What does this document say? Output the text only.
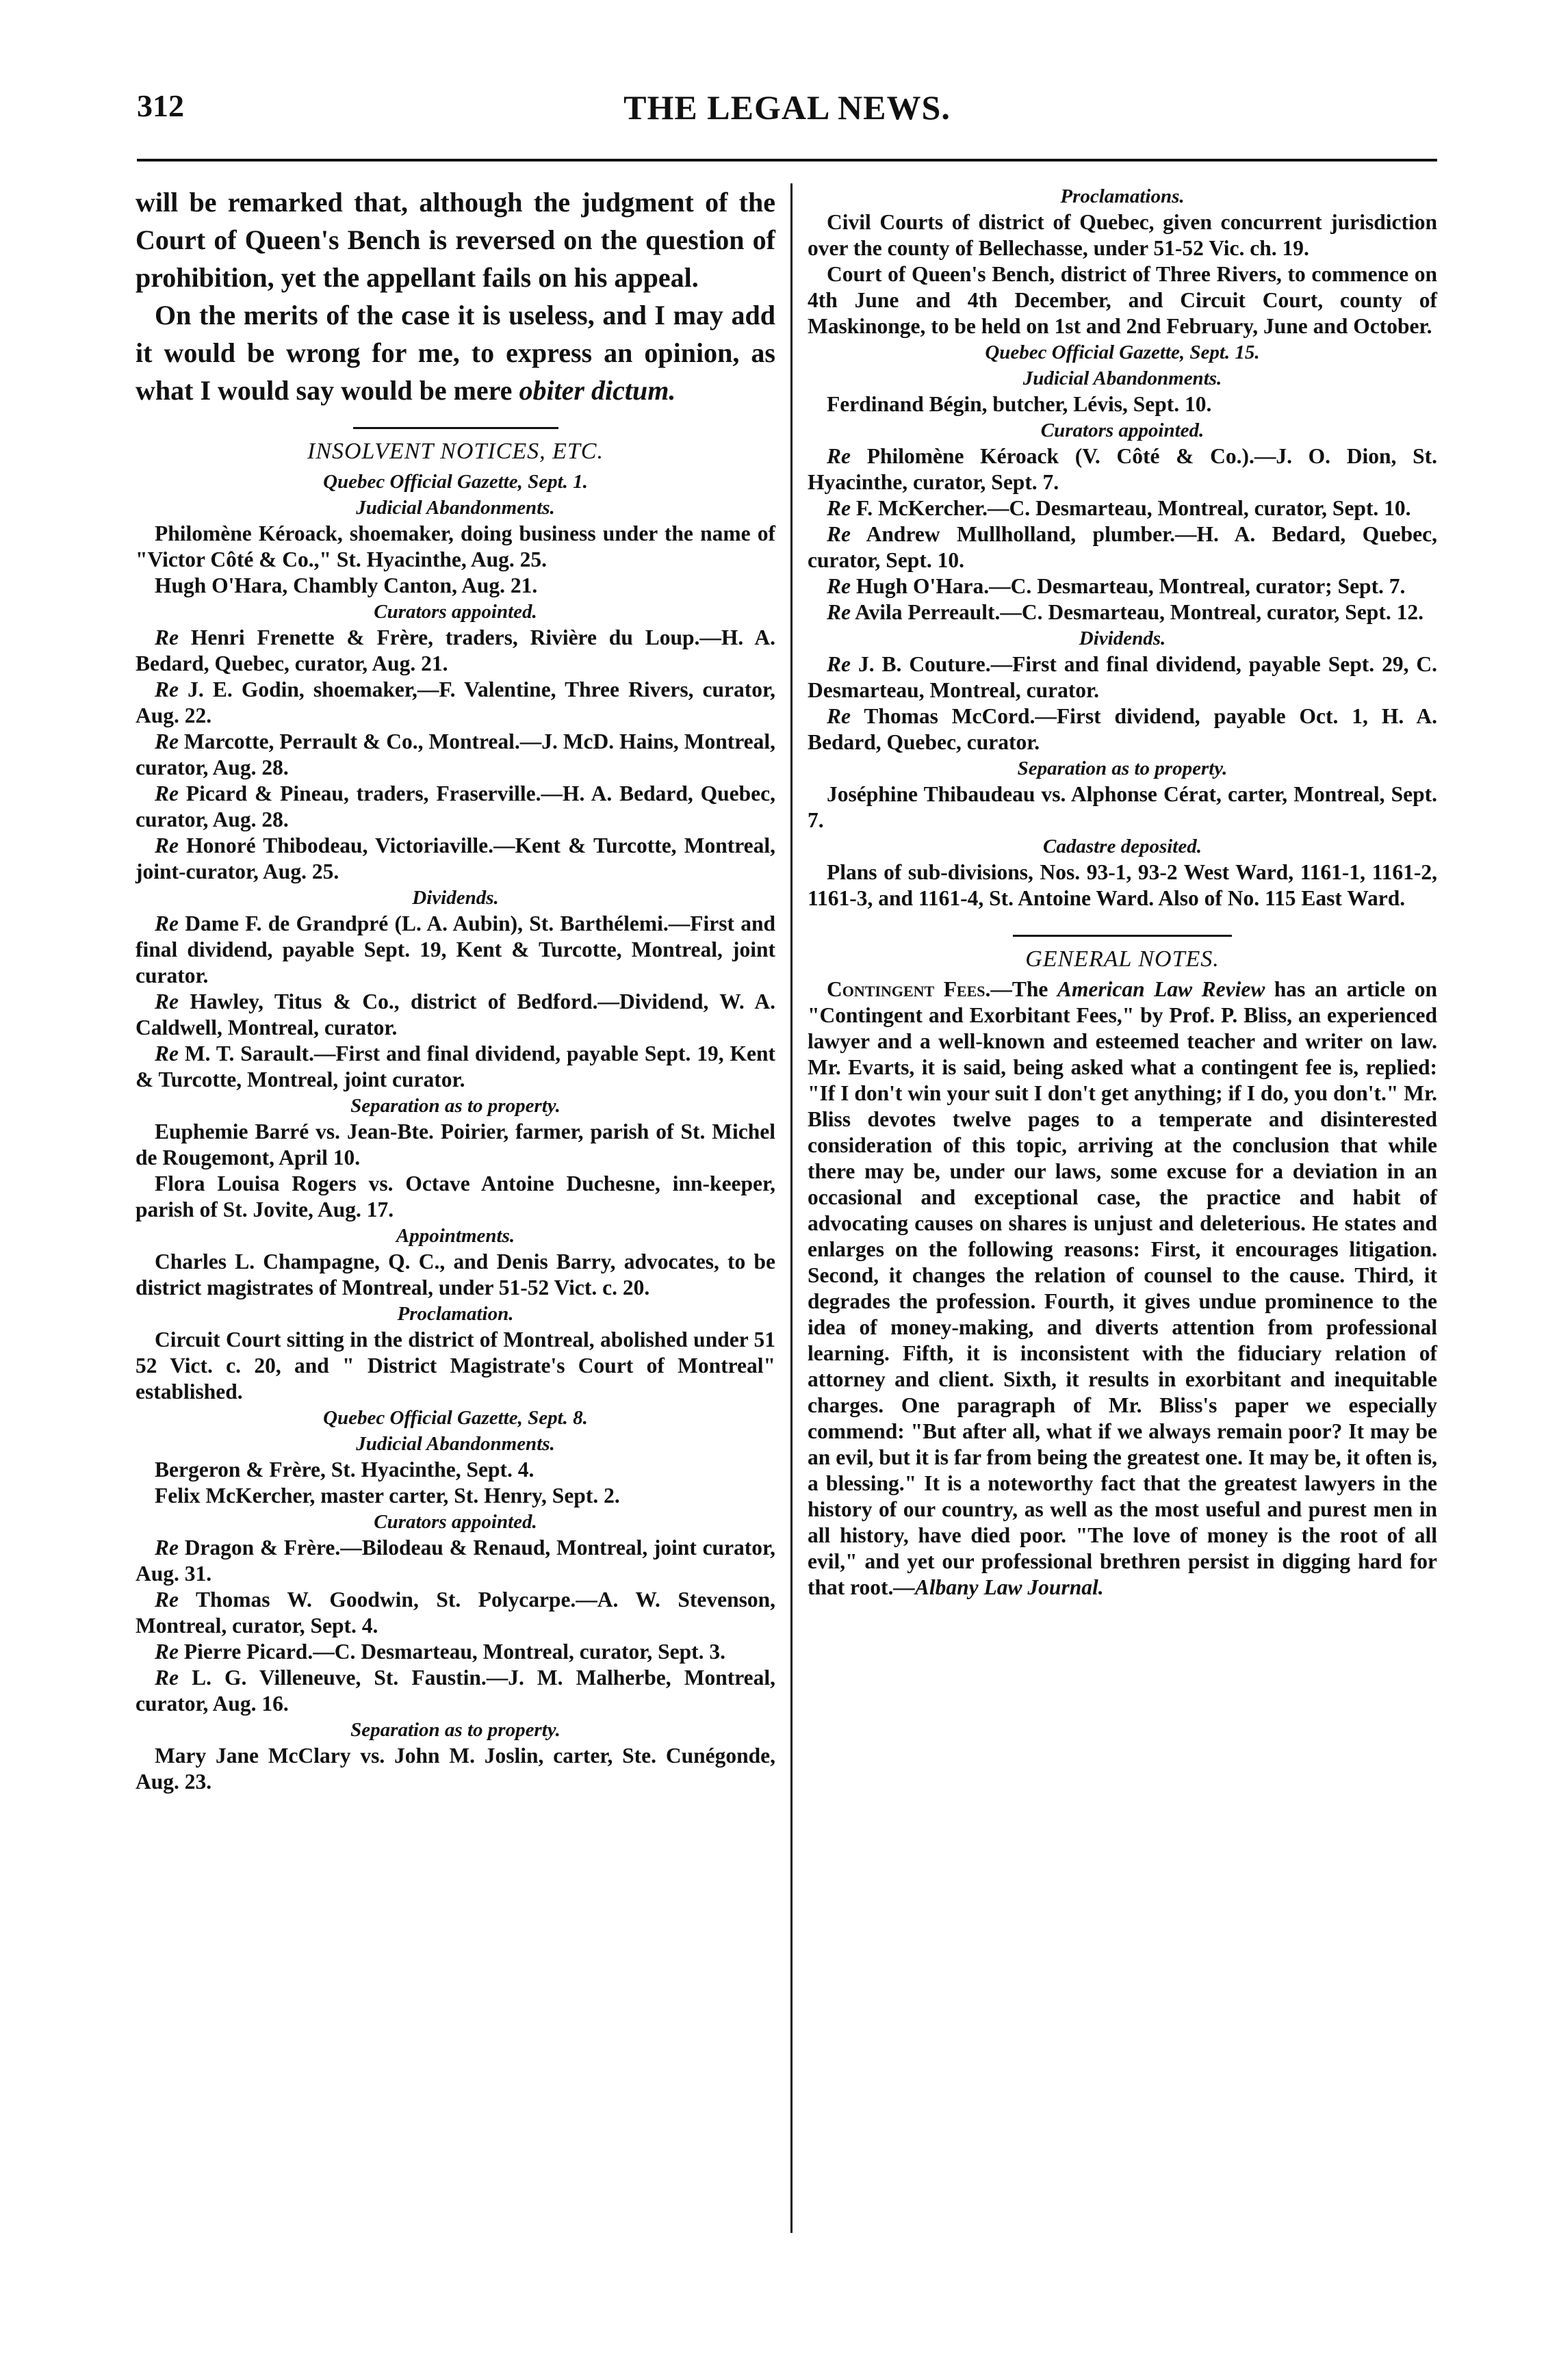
312	THE LEGAL NEWS.

will be remarked that, although the judgment of the Court of Queen's Bench is reversed on the question of prohibition, yet the appellant fails on his appeal.

On the merits of the case it is useless, and I may add it would be wrong for me, to express an opinion, as what I would say would be mere obiter dictum.

INSOLVENT NOTICES, ETC.
Quebec Official Gazette, Sept. 1.
Judicial Abandonments.

Philomène Kéroack, shoemaker, doing business under the name of "Victor Côté & Co.," St. Hyacinthe, Aug. 25.

Hugh O'Hara, Chambly Canton, Aug. 21.

Curators appointed.

Re Henri Frenette & Frère, traders, Rivière du Loup.—H. A. Bedard, Quebec, curator, Aug. 21.

Re J. E. Godin, shoemaker,—F. Valentine, Three Rivers, curator, Aug. 22.

Re Marcotte, Perrault & Co., Montreal.—J. McD. Hains, Montreal, curator, Aug. 28.

Re Picard & Pineau, traders, Fraserville.—H. A. Bedard, Quebec, curator, Aug. 28.

Re Honoré Thibodeau, Victoriaville.—Kent & Turcotte, Montreal, joint-curator, Aug. 25.

Dividends.

Re Dame F. de Grandpré (L. A. Aubin), St. Barthélemi.—First and final dividend, payable Sept. 19, Kent & Turcotte, Montreal, joint curator.

Re Hawley, Titus & Co., district of Bedford.—Dividend, W. A. Caldwell, Montreal, curator.

Re M. T. Sarault.—First and final dividend, payable Sept. 19, Kent & Turcotte, Montreal, joint curator.

Separation as to property.

Euphemie Barré vs. Jean-Bte. Poirier, farmer, parish of St. Michel de Rougemont, April 10.

Flora Louisa Rogers vs. Octave Antoine Duchesne, inn-keeper, parish of St. Jovite, Aug. 17.

Appointments.

Charles L. Champagne, Q. C., and Denis Barry, advocates, to be district magistrates of Montreal, under 51-52 Vict. c. 20.

Proclamation.

Circuit Court sitting in the district of Montreal, abolished under 51 52 Vict. c. 20, and " District Magistrate's Court of Montreal" established.

Quebec Official Gazette, Sept. 8.
Judicial Abandonments.

Bergeron & Frère, St. Hyacinthe, Sept. 4.

Felix McKercher, master carter, St. Henry, Sept. 2.

Curators appointed.

Re Dragon & Frère.—Bilodeau & Renaud, Montreal, joint curator, Aug. 31.

Re Thomas W. Goodwin, St. Polycarpe.—A. W. Stevenson, Montreal, curator, Sept. 4.

Re Pierre Picard.—C. Desmarteau, Montreal, curator, Sept. 3.

Re L. G. Villeneuve, St. Faustin.—J. M. Malherbe, Montreal, curator, Aug. 16.

Separation as to property.

Mary Jane McClary vs. John M. Joslin, carter, Ste. Cunégonde, Aug. 23.

Proclamations.

Civil Courts of district of Quebec, given concurrent jurisdiction over the county of Bellechasse, under 51-52 Vic. ch. 19.

Court of Queen's Bench, district of Three Rivers, to commence on 4th June and 4th December, and Circuit Court, county of Maskinonge, to be held on 1st and 2nd February, June and October.

Quebec Official Gazette, Sept. 15.
Judicial Abandonments.

Ferdinand Bégin, butcher, Lévis, Sept. 10.

Curators appointed.

Re Philomène Kéroack (V. Côté & Co.).—J. O. Dion, St. Hyacinthe, curator, Sept. 7.

Re F. McKercher.—C. Desmarteau, Montreal, curator, Sept. 10.

Re Andrew Mullholland, plumber.—H. A. Bedard, Quebec, curator, Sept. 10.

Re Hugh O'Hara.—C. Desmarteau, Montreal, curator; Sept. 7.

Re Avila Perreault.—C. Desmarteau, Montreal, curator, Sept. 12.

Dividends.

Re J. B. Couture.—First and final dividend, payable Sept. 29, C. Desmarteau, Montreal, curator.

Re Thomas McCord.—First dividend, payable Oct. 1, H. A. Bedard, Quebec, curator.

Separation as to property.

Joséphine Thibaudeau vs. Alphonse Cérat, carter, Montreal, Sept. 7.

Cadastre deposited.

Plans of sub-divisions, Nos. 93-1, 93-2 West Ward, 1161-1, 1161-2, 1161-3, and 1161-4, St. Antoine Ward. Also of No. 115 East Ward.

GENERAL NOTES.

Contingent Fees.—The American Law Review has an article on "Contingent and Exorbitant Fees," by Prof. P. Bliss, an experienced lawyer and a well-known and esteemed teacher and writer on law. Mr. Evarts, it is said, being asked what a contingent fee is, replied: "If I don't win your suit I don't get anything; if I do, you don't." Mr. Bliss devotes twelve pages to a temperate and disinterested consideration of this topic, arriving at the conclusion that while there may be, under our laws, some excuse for a deviation in an occasional and exceptional case, the practice and habit of advocating causes on shares is unjust and deleterious. He states and enlarges on the following reasons: First, it encourages litigation. Second, it changes the relation of counsel to the cause. Third, it degrades the profession. Fourth, it gives undue prominence to the idea of money-making, and diverts attention from professional learning. Fifth, it is inconsistent with the fiduciary relation of attorney and client. Sixth, it results in exorbitant and inequitable charges. One paragraph of Mr. Bliss's paper we especially commend: "But after all, what if we always remain poor? It may be an evil, but it is far from being the greatest one. It may be, it often is, a blessing." It is a noteworthy fact that the greatest lawyers in the history of our country, as well as the most useful and purest men in all history, have died poor. "The love of money is the root of all evil," and yet our professional brethren persist in digging hard for that root.—Albany Law Journal.
